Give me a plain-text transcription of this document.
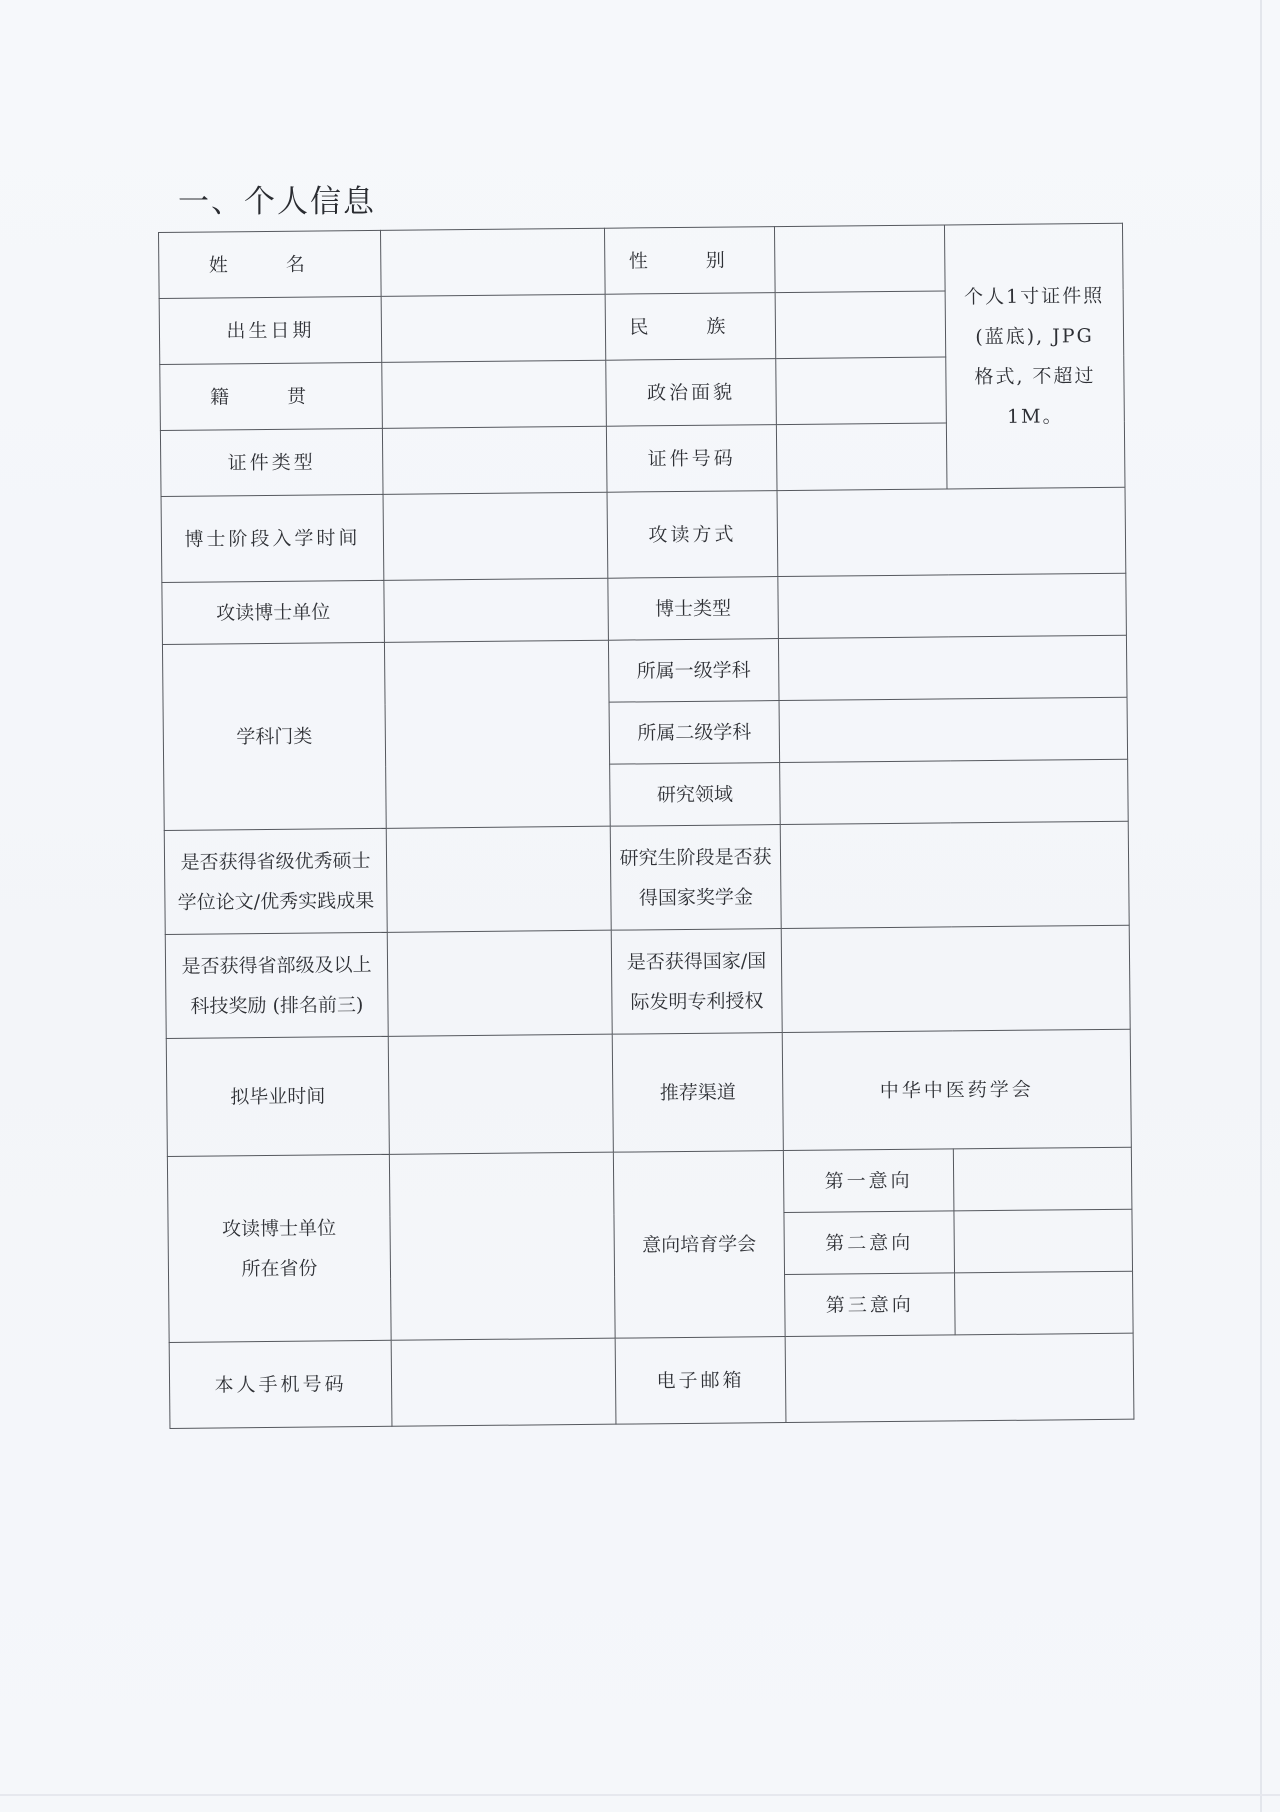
一、个人信息
姓 名		性 别		个人1寸证件照
(蓝底), JPG
格式, 不超过
1M。

出生日期		民 族		
籍 贯		政治面貌		
证件类型		证件号码		
博士阶段入学时间		攻读方式		
攻读博士单位		博士类型		
学科门类		所属一级学科		
		所属二级学科		
		研究领域		

是否获得省级优秀硕士
学位论文/优秀实践成果		研究生阶段是否获
得国家奖学金		

是否获得省部级及以上
科技奖励 (排名前三)		是否获得国家/国
际发明专利授权		

拟毕业时间		推荐渠道	中华中医药学会	

攻读博士单位
所在省份		意向培育学会	第一意向	
			第二意向	
			第三意向	
本人手机号码		电子邮箱		
